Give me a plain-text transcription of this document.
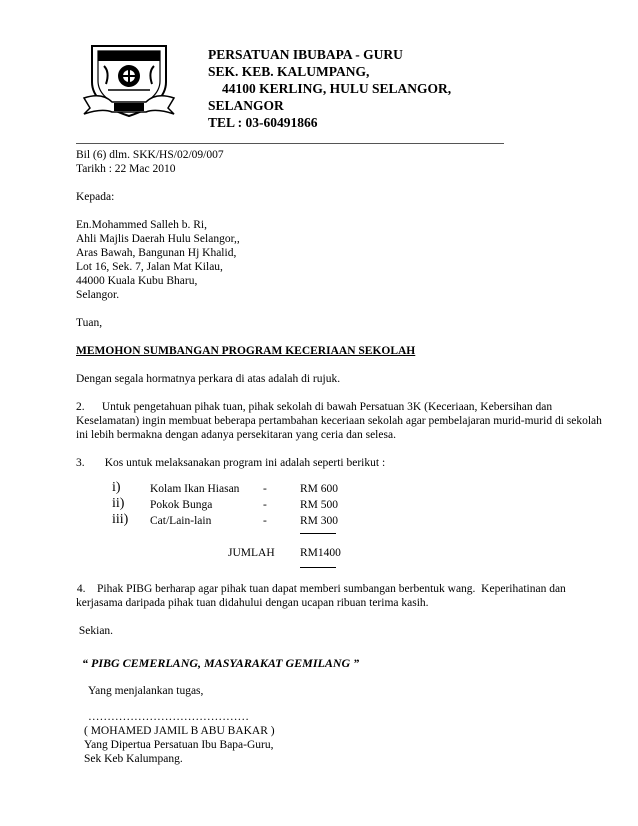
PERSATUAN IBUBAPA - GURU
SEK. KEB. KALUMPANG,
44100 KERLING, HULU SELANGOR,
SELANGOR
TEL : 03-60491866
Bil (6) dlm. SKK/HS/02/09/007
Tarikh : 22 Mac 2010
Kepada:
En.Mohammed Salleh b. Ri,
Ahli Majlis Daerah Hulu Selangor,,
Aras Bawah, Bangunan Hj Khalid,
Lot 16, Sek. 7, Jalan Mat Kilau,
44000 Kuala Kubu Bharu,
Selangor.
Tuan,
MEMOHON SUMBANGAN PROGRAM KECERIAAN SEKOLAH
Dengan segala hormatnya perkara di atas adalah di rujuk.
2.      Untuk pengetahuan pihak tuan, pihak sekolah di bawah Persatuan 3K (Keceriaan, Kebersihan dan
Keselamatan) ingin membuat beberapa pertambahan keceriaan sekolah agar pembelajaran murid-murid di sekolah
ini lebih bermakna dengan adanya persekitaran yang ceria dan selesa.
3.       Kos untuk melaksanakan program ini adalah seperti berikut :
i)	Kolam Ikan Hiasan -	RM 600
ii) Pokok Bunga	-	RM 500
iii) Cat/Lain-lain	-	RM 300
JUMLAH RM1400
4.    Pihak PIBG berharap agar pihak tuan dapat memberi sumbangan berbentuk wang.  Keperihatinan dan
kerjasama daripada pihak tuan didahului dengan ucapan ribuan terima kasih.
Sekian.
“ PIBG CEMERLANG, MASYARAKAT GEMILANG ”
Yang menjalankan tugas,
……………………………………
( MOHAMED JAMIL B ABU BAKAR )
Yang Dipertua Persatuan Ibu Bapa-Guru,
Sek Keb Kalumpang.
